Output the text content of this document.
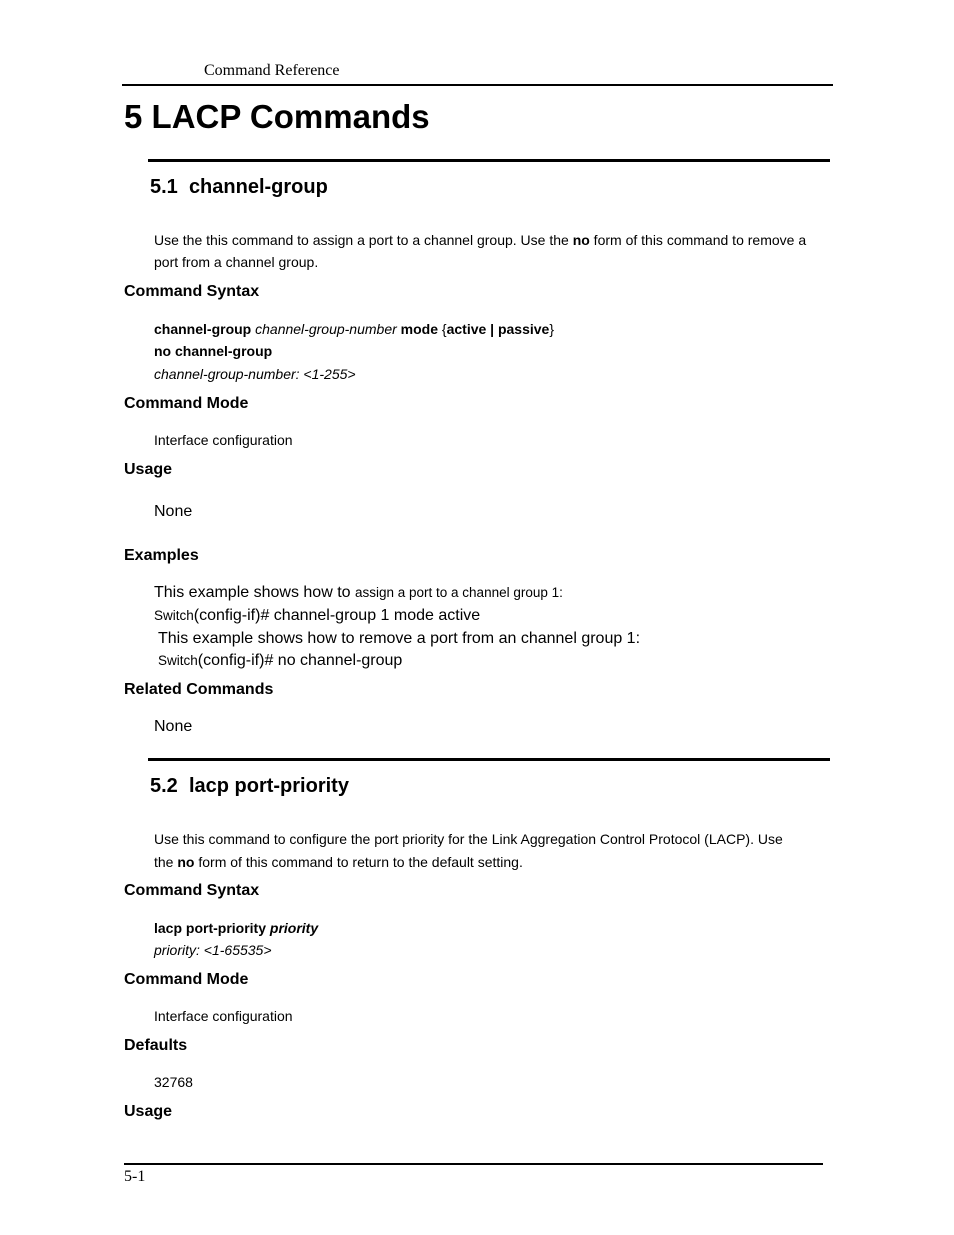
Command Reference
5 LACP Commands
5.1 channel-group
Use the this command to assign a port to a channel group. Use the no form of this command to remove a
port from a channel group.
Command Syntax
channel-group channel-group-number mode {active | passive}
no channel-group
channel-group-number: <1-255>
Command Mode
Interface configuration
Usage
None
Examples
This example shows how to assign a port to a channel group 1:
Switch(config-if)# channel-group 1 mode active
This example shows how to remove a port from an channel group 1:
Switch(config-if)# no channel-group
Related Commands
None
5.2 lacp port-priority
Use this command to configure the port priority for the Link Aggregation Control Protocol (LACP). Use
the no form of this command to return to the default setting.
Command Syntax
lacp port-priority priority
priority: <1-65535>
Command Mode
Interface configuration
Defaults
32768
Usage
5-1
